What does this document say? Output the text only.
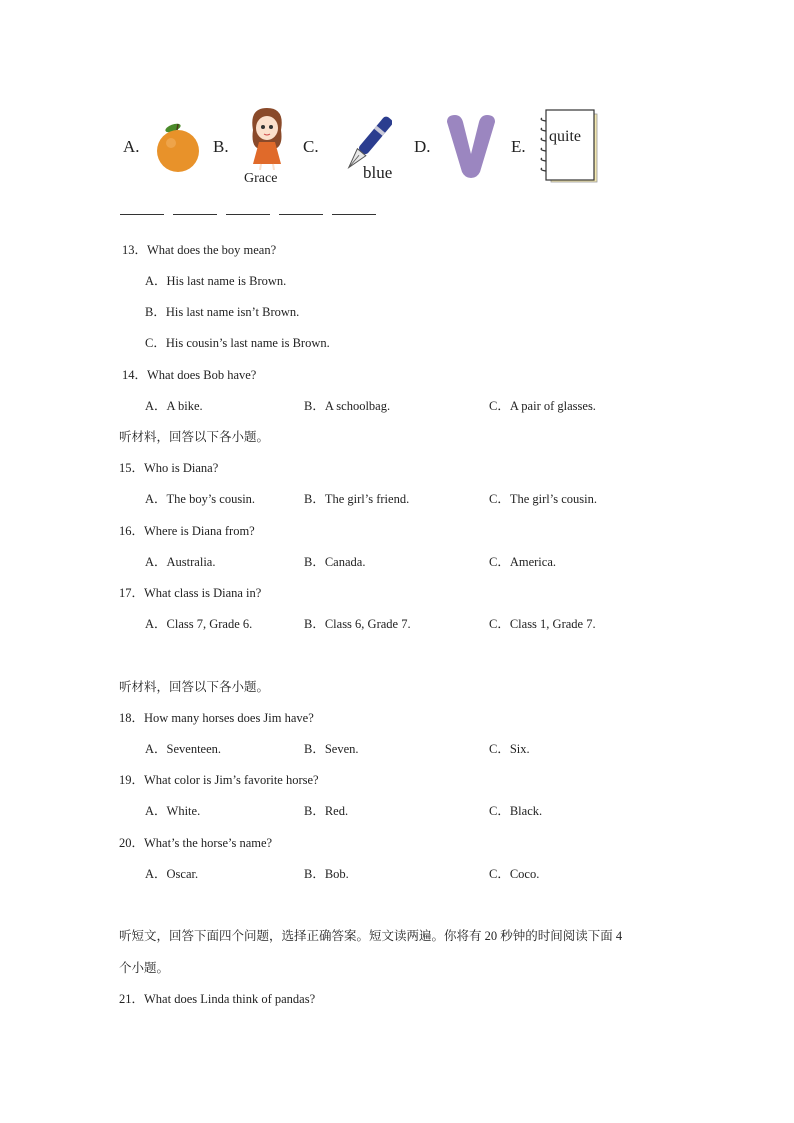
A.	B.
Grace
C.
blue
D.	E.
quite
13．What does the boy mean?
A．His last name is Brown.
B．His last name isn’t Brown.
C．His cousin’s last name is Brown.
14．What does Bob have?
A．A bike.	B．A schoolbag.	C．A pair of glasses.
听材料，回答以下各小题。
15．Who is Diana?
A．The boy’s cousin.	B．The girl’s friend.	C．The girl’s cousin.
16．Where is Diana from?
A．Australia.	B．Canada.	C．America.
17．What class is Diana in?
A．Class 7, Grade 6.	B．Class 6, Grade 7.	C．Class 1, Grade 7.
听材料，回答以下各小题。
18．How many horses does Jim have?
A．Seventeen.	B．Seven.	C．Six.
19．What color is Jim’s favorite horse?
A．White.	B．Red.	C．Black.
20．What’s the horse’s name?
A．Oscar.	B．Bob.	C．Coco.
听短文，回答下面四个问题，选择正确答案。短文读两遍。你将有 20 秒钟的时间阅读下面 4
个小题。
21．What does Linda think of pandas?
